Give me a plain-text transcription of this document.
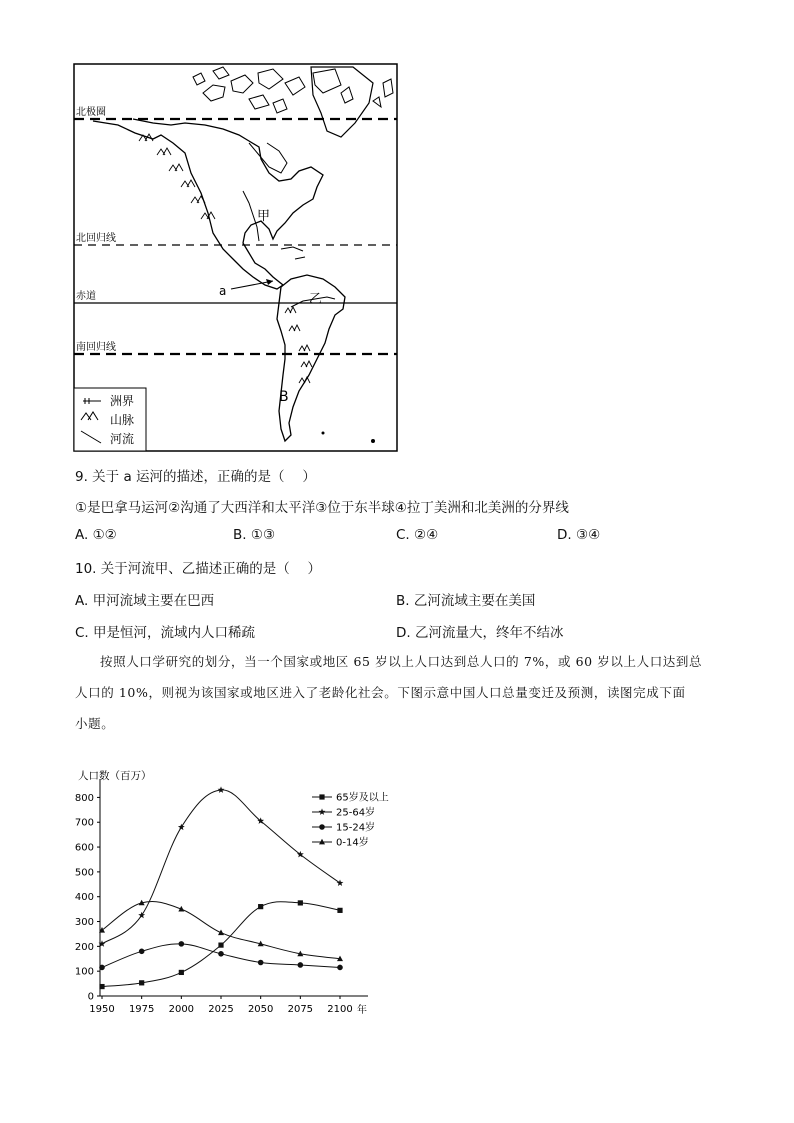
北极圈
北回归线
赤道
南回归线
甲
乙
a
B
洲界
山脉
河流
9. 关于 a 运河的描述，正确的是（　 ）
①是巴拿马运河②沟通了大西洋和太平洋③位于东半球④拉丁美洲和北美洲的分界线
A. ①②	B. ①③	C. ②④	D. ③④
10. 关于河流甲、乙描述正确的是（　 ）
A. 甲河流域主要在巴西	B. 乙河流域主要在美国
C. 甲是恒河，流域内人口稀疏	D. 乙河流量大，终年不结冰
按照人口学研究的划分，当一个国家或地区 65 岁以上人口达到总人口的 7%，或 60 岁以上人口达到总
人口的 10%，则视为该国家或地区进入了老龄化社会。下图示意中国人口总量变迁及预测，读图完成下面
小题。
人口数（百万）
0
100
200
300
400
500
600
700
800
1950 1975 2000 2025 2050 2075 2100
65岁及以上
25-64岁
15-24岁
0-14岁
年
